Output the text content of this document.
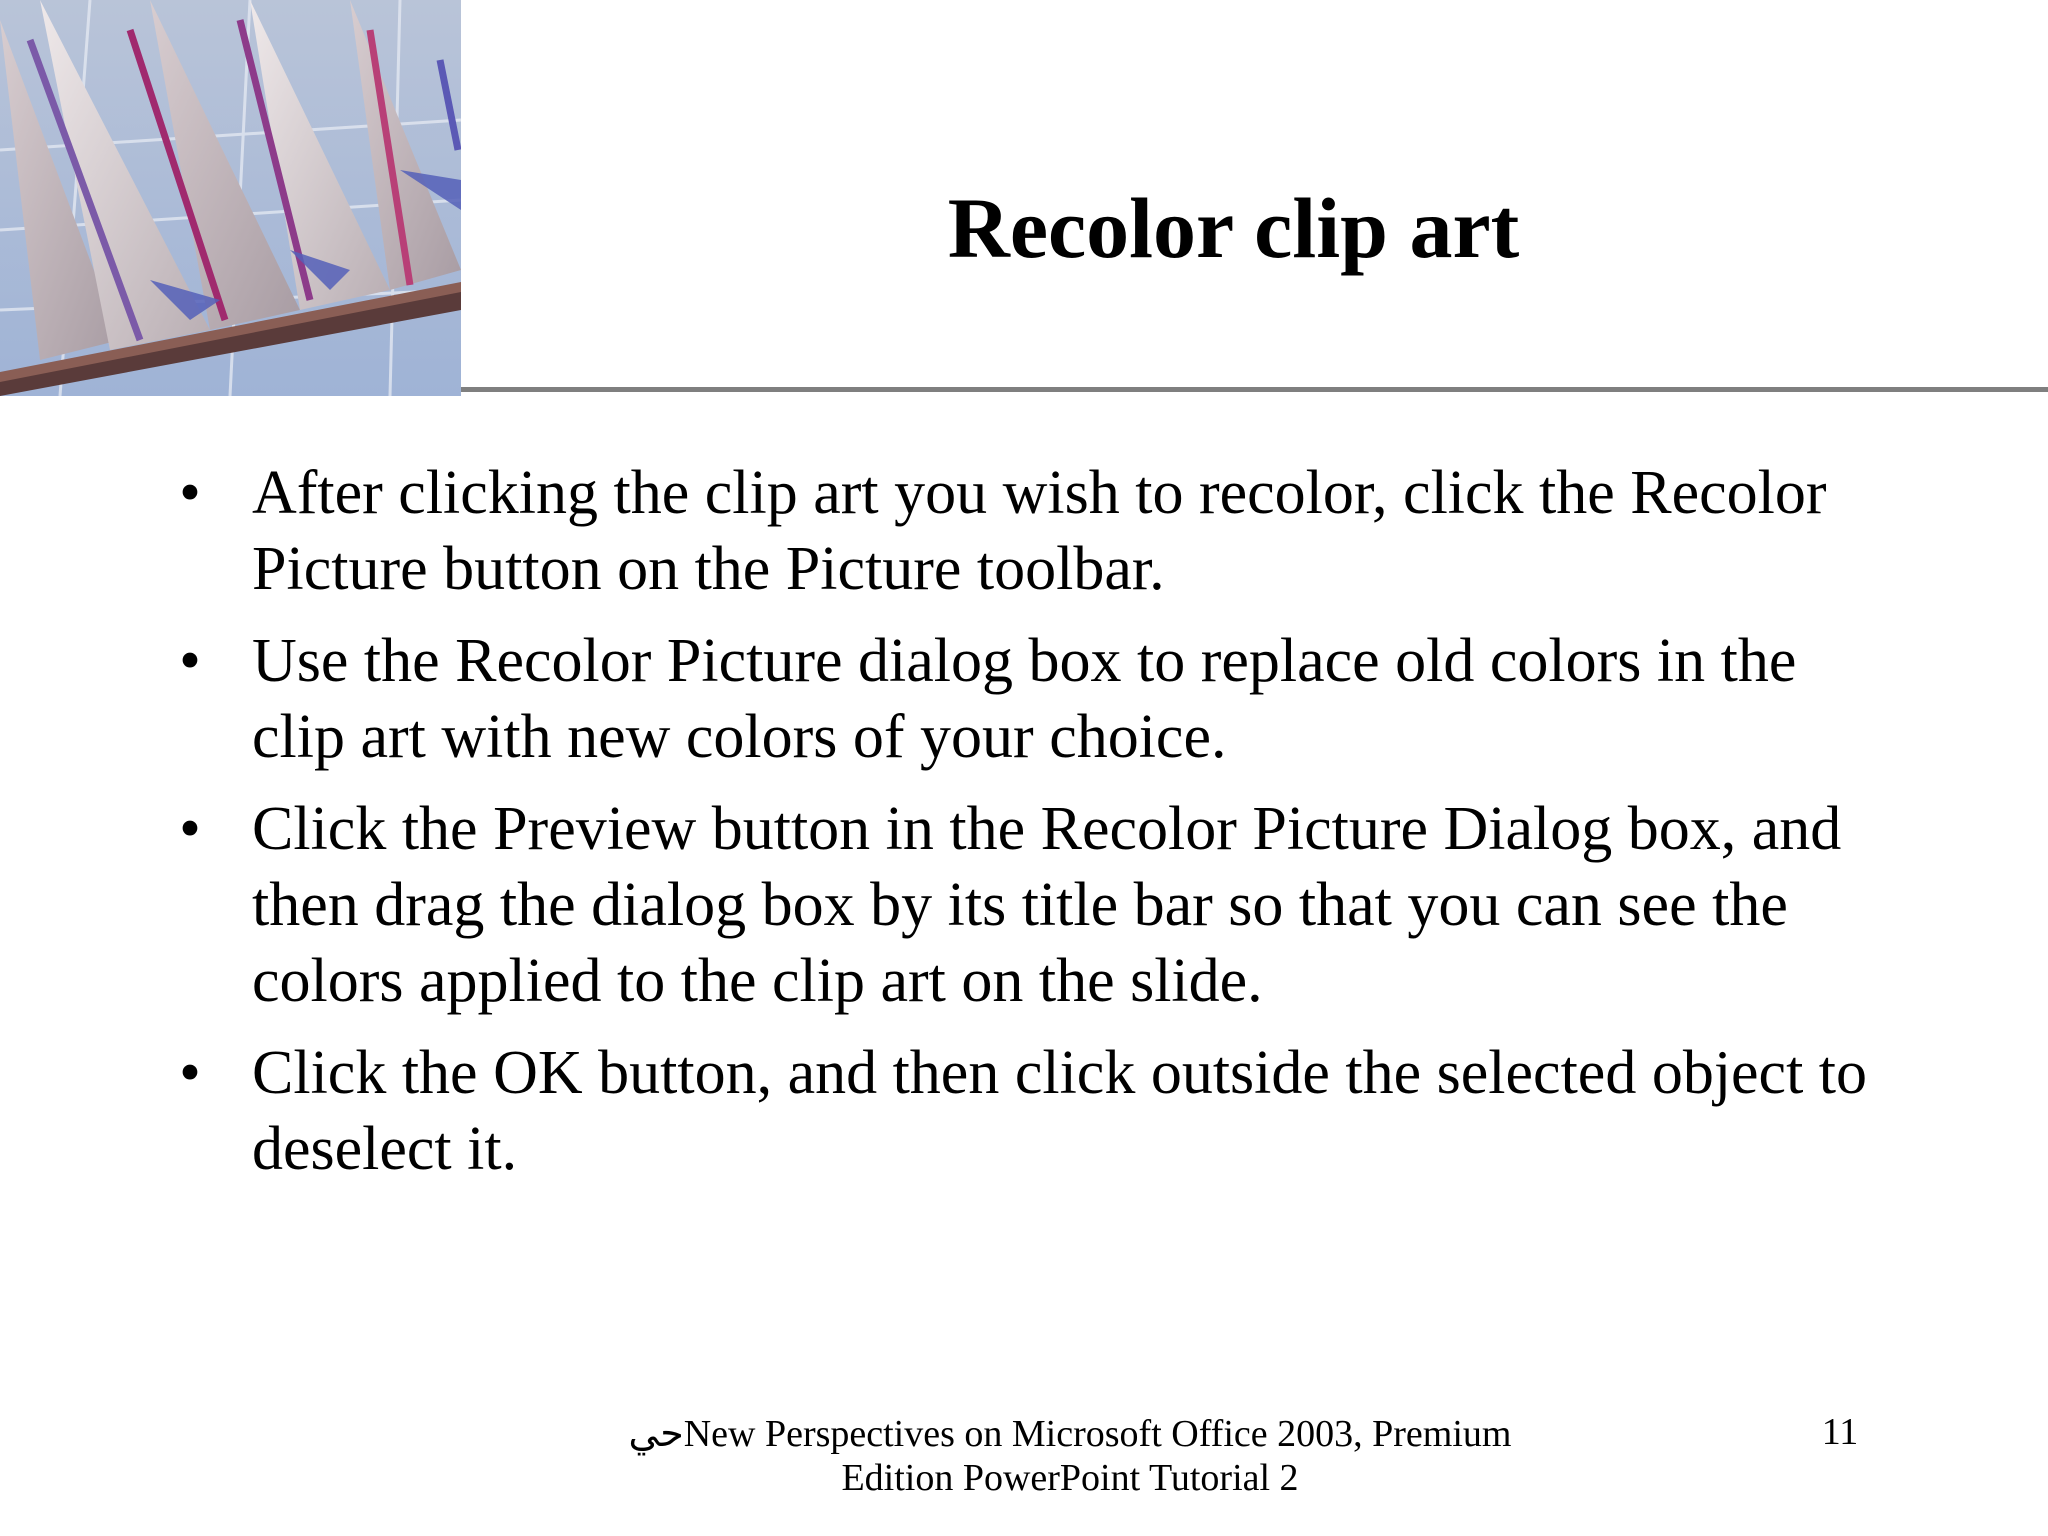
Recolor clip art
• After clicking the clip art you wish to recolor, click the Recolor Picture button on the Picture toolbar.
• Use the Recolor Picture dialog box to replace old colors in the clip art with new colors of your choice.
• Click the Preview button in the Recolor Picture Dialog box, and then drag the dialog box by its title bar so that you can see the colors applied to the clip art on the slide.
• Click the OK button, and then click outside the selected object to deselect it.
حيNew Perspectives on Microsoft Office 2003, Premium
Edition PowerPoint Tutorial 2
11
